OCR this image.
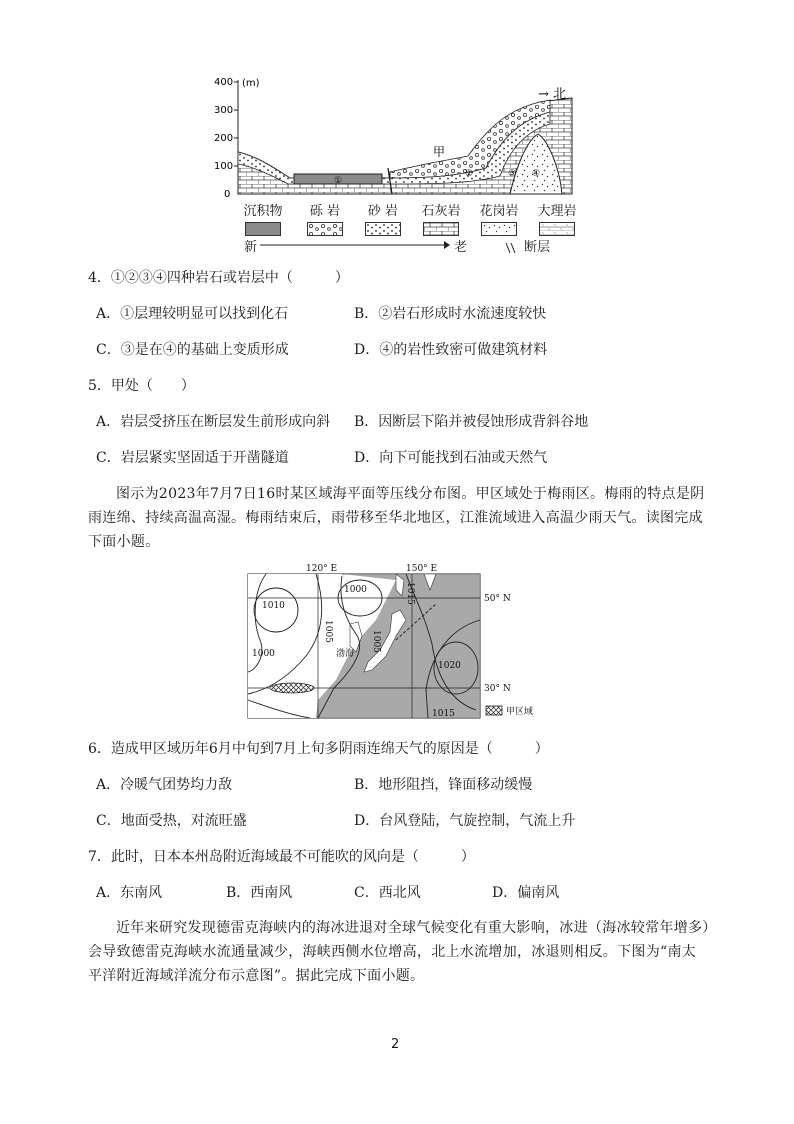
400
300
200
100
0
(m)
①
③ ④
②
甲
→ 北
沉积物	砾 岩	砂 岩	石灰岩 花岗岩 大理岩
新	老	断层
4．①②③④四种岩石或岩层中（　　　）
A．①层理较明显可以找到化石	B．②岩石形成时水流速度较快
C．③是在④的基础上变质形成	D．④的岩性致密可做建筑材料
5．甲处（　　）
A．岩层受挤压在断层发生前形成向斜 B．因断层下陷并被侵蚀形成背斜谷地
C．岩层紧实坚固适于开凿隧道	D．向下可能找到石油或天然气
图示为2023年7月7日16时某区域海平面等压线分布图。甲区域处于梅雨区。梅雨的特点是阴雨连绵、持续高温高湿。梅雨结束后，雨带移至华北地区，江淮流域进入高温少雨天气。读图完成下面小题。
120° E	150° E
50° N
30° N
1010
1000
1005
1015
1000
1005
1020
1015
渤海
甲区域
6．造成甲区域历年6月中旬到7月上旬多阴雨连绵天气的原因是（　　　）
A．冷暖气团势均力敌	B．地形阻挡，锋面移动缓慢
C．地面受热，对流旺盛	D．台风登陆，气旋控制，气流上升
7．此时，日本本州岛附近海域最不可能吹的风向是（　　　）
A．东南风	B．西南风	C．西北风	D．偏南风
近年来研究发现德雷克海峡内的海冰进退对全球气候变化有重大影响，冰进（海冰较常年增多）会导致德雷克海峡水流通量减少，海峡西侧水位增高，北上水流增加，冰退则相反。下图为“南太平洋附近海域洋流分布示意图”。据此完成下面小题。
2
